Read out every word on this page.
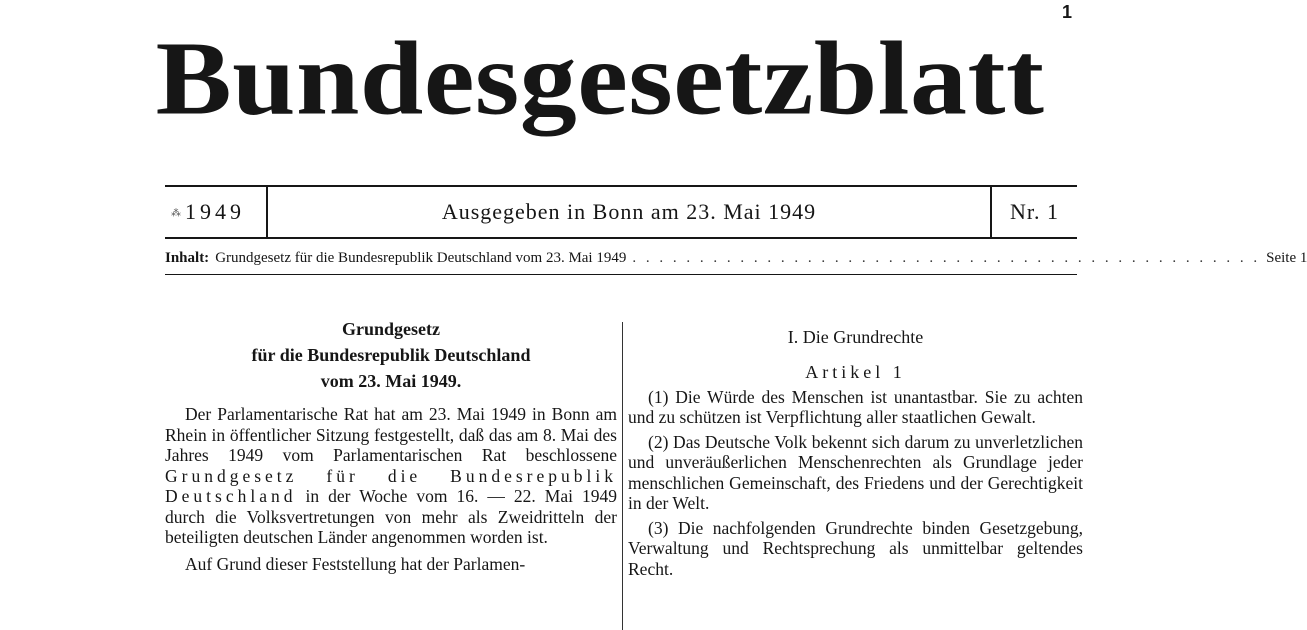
1
Bundesgesetzblatt
⁂ 1949	Ausgegeben in Bonn am 23. Mai 1949	Nr. 1
Inhalt: Grundgesetz für die Bundesrepublik Deutschland vom 23. Mai 1949 . . . . . . . . . . . . . . . . . . . . . . . . . . . . . . . . . . . . . . . . . . . . . . . Seite 1
Grundgesetz
für die Bundesrepublik Deutschland
vom 23. Mai 1949.

Der Parlamentarische Rat hat am 23. Mai 1949 in Bonn am Rhein in öffentlicher Sitzung festgestellt, daß das am 8. Mai des Jahres 1949 vom Parlamentarischen Rat beschlossene Grundgesetz für die Bundesrepublik Deutschland in der Woche vom 16. — 22. Mai 1949 durch die Volksvertretungen von mehr als Zweidritteln der beteiligten deutschen Länder angenommen worden ist.

Auf Grund dieser Feststellung hat der Parlamen-

I. Die Grundrechte
Artikel 1

(1) Die Würde des Menschen ist unantastbar. Sie zu achten und zu schützen ist Verpflichtung aller staatlichen Gewalt.

(2) Das Deutsche Volk bekennt sich darum zu unverletzlichen und unveräußerlichen Menschenrechten als Grundlage jeder menschlichen Gemeinschaft, des Friedens und der Gerechtigkeit in der Welt.

(3) Die nachfolgenden Grundrechte binden Gesetzgebung, Verwaltung und Rechtsprechung als unmittelbar geltendes Recht.
